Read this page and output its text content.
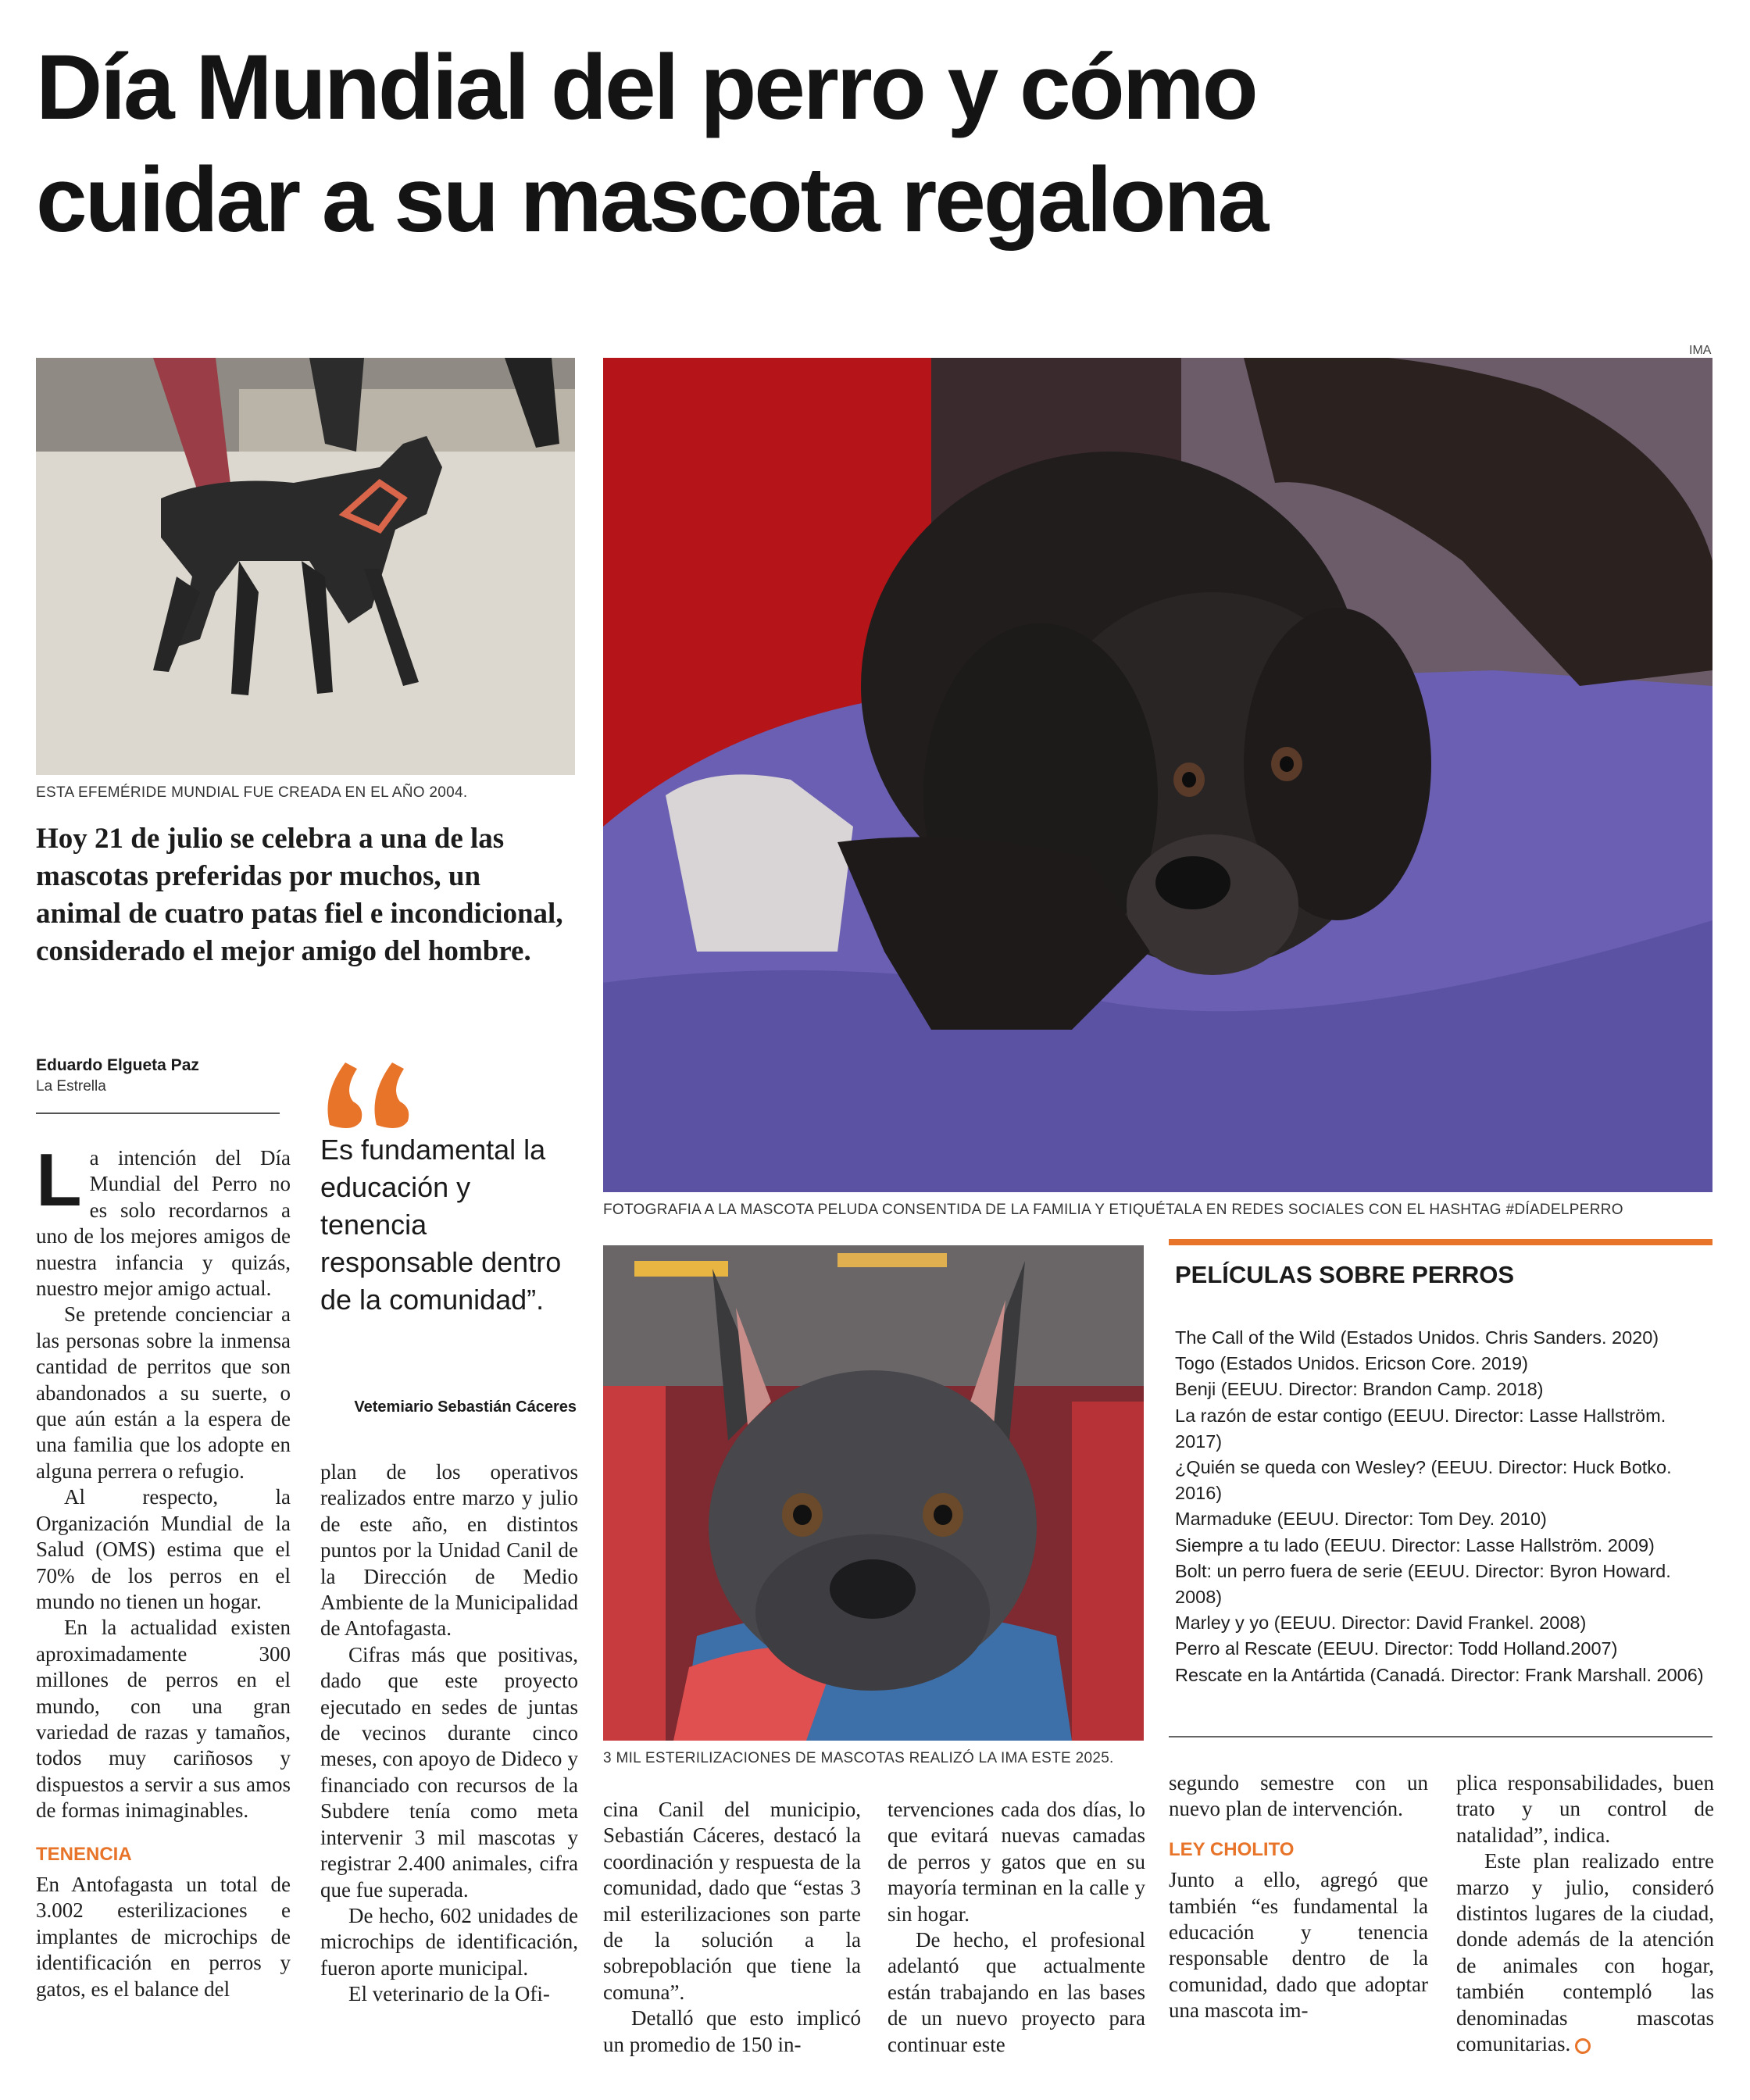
Día Mundial del perro y cómo
cuidar a su mascota regalona
IMA
ESTA EFEMÉRIDE MUNDIAL FUE CREADA EN EL AÑO 2004.
FOTOGRAFIA A LA MASCOTA PELUDA CONSENTIDA DE LA FAMILIA Y ETIQUÉTALA EN REDES SOCIALES CON EL HASHTAG #DÍADELPERRO
3 MIL ESTERILIZACIONES DE MASCOTAS REALIZÓ LA IMA ESTE 2025.
Hoy 21 de julio se celebra a una de las mascotas preferidas por muchos, un animal de cuatro patas fiel e incondicional, considerado el mejor amigo del hombre.
Eduardo Elgueta Paz
La Estrella
Es fundamental la educación y tenencia responsable dentro de la comunidad”.
Vetemiario Sebastián Cáceres

La intención del Día Mundial del Perro no es solo recordarnos a uno de los mejores amigos de nuestra infancia y quizás, nuestro mejor amigo actual.

Se pretende concienciar a las personas sobre la inmensa cantidad de perritos que son abandonados a su suerte, o que aún están a la espera de una familia que los adopte en alguna perrera o refugio.

Al respecto, la Organización Mundial de la Salud (OMS) estima que el 70% de los perros en el mundo no tienen un hogar.

En la actualidad existen aproximadamente 300 millones de perros en el mundo, con una gran variedad de razas y tamaños, todos muy cariñosos y dispuestos a servir a sus amos de formas inimaginables.

TENENCIA

En Antofagasta un total de 3.002 esterilizaciones e implantes de microchips de identificación en perros y gatos, es el balance del

plan de los operativos realizados entre marzo y julio de este año, en distintos puntos por la Unidad Canil de la Dirección de Medio Ambiente de la Municipalidad de Antofagasta.

Cifras más que positivas, dado que este proyecto ejecutado en sedes de juntas de vecinos durante cinco meses, con apoyo de Dideco y financiado con recursos de la Subdere tenía como meta intervenir 3 mil mascotas y registrar 2.400 animales, cifra que fue superada.

De hecho, 602 unidades de microchips de identificación, fueron aporte municipal.

El veterinario de la Ofi-

cina Canil del municipio, Sebastián Cáceres, destacó la coordinación y respuesta de la comunidad, dado que “estas 3 mil esterilizaciones son parte de la solución a la sobrepoblación que tiene la comuna”.

Detalló que esto implicó un promedio de 150 in-

tervenciones cada dos días, lo que evitará nuevas camadas de perros y gatos que en su mayoría terminan en la calle y sin hogar.

De hecho, el profesional adelantó que actualmente están trabajando en las bases de un nuevo proyecto para continuar este

segundo semestre con un nuevo plan de intervención.

LEY CHOLITO

Junto a ello, agregó que también “es fundamental la educación y tenencia responsable dentro de la comunidad, dado que adoptar una mascota im-

plica responsabilidades, buen trato y un control de natalidad”, indica.

Este plan realizado entre marzo y julio, consideró distintos lugares de la ciudad, donde además de la atención de animales con hogar, también contempló las denominadas mascotas comunitarias.

PELÍCULAS SOBRE PERROS
The Call of the Wild (Estados Unidos. Chris Sanders. 2020)
Togo (Estados Unidos. Ericson Core. 2019)
Benji (EEUU. Director: Brandon Camp. 2018)
La razón de estar contigo (EEUU. Director: Lasse Hallström. 2017)
¿Quién se queda con Wesley? (EEUU. Director: Huck Botko. 2016)
Marmaduke (EEUU. Director: Tom Dey. 2010)
Siempre a tu lado (EEUU. Director: Lasse Hallström. 2009)
Bolt: un perro fuera de serie (EEUU. Director: Byron Howard. 2008)
Marley y yo (EEUU. Director: David Frankel. 2008)
Perro al Rescate (EEUU. Director: Todd Holland.2007)
Rescate en la Antártida (Canadá. Director: Frank Marshall. 2006)
